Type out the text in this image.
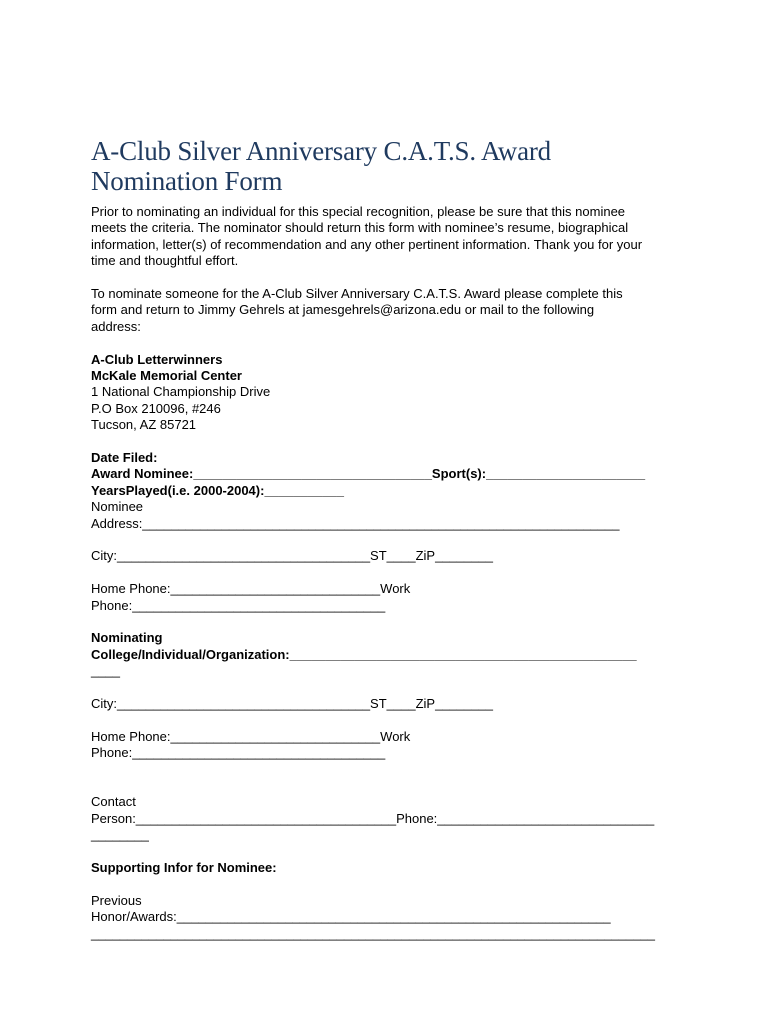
A-Club Silver Anniversary C.A.T.S. Award Nomination Form

Prior to nominating an individual for this special recognition, please be sure that this nominee
meets the criteria. The nominator should return this form with nominee’s resume, biographical
information, letter(s) of recommendation and any other pertinent information. Thank you for your
time and thoughtful effort.

To nominate someone for the A-Club Silver Anniversary C.A.T.S. Award please complete this
form and return to Jimmy Gehrels at jamesgehrels@arizona.edu or mail to the following
address:

A-Club Letterwinners
McKale Memorial Center
1 National Championship Drive
P.O Box 210096, #246
Tucson, AZ 85721
Date Filed:
Award Nominee:_________________________________Sport(s):______________________
YearsPlayed(i.e. 2000-2004):___________
Nominee
Address:__________________________________________________________________
City:___________________________________ST____ZiP________
Home Phone:_____________________________Work
Phone:___________________________________
Nominating
College/Individual/Organization:________________________________________________
____
City:___________________________________ST____ZiP________
Home Phone:_____________________________Work
Phone:___________________________________
Contact
Person:____________________________________Phone:______________________________
________
Supporting Infor for Nominee:
Previous
Honor/Awards:____________________________________________________________
______________________________________________________________________________
